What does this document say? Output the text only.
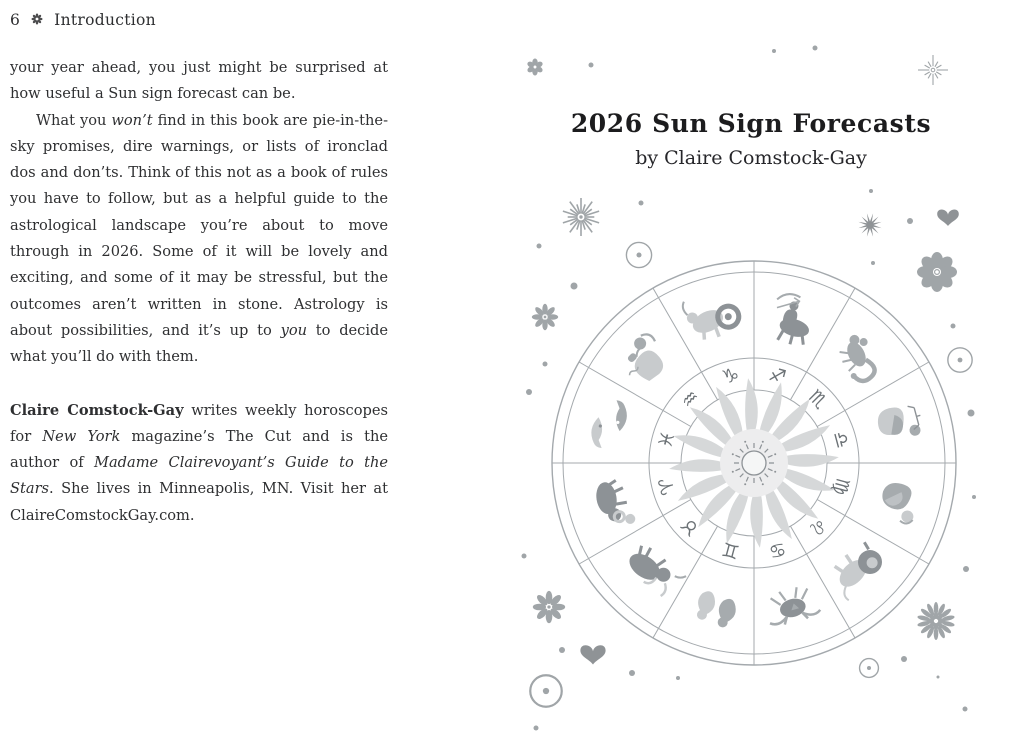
♑ ♐
♏
♎
♍
♌
♋
♊
♉
♈
♓
♒
6 Introduction

your year ahead, you just might be surprised at how useful a Sun sign forecast can be.

What you won’t find in this book are pie-in-the-sky promises, dire warnings, or lists of ironclad dos and don’ts. Think of this not as a book of rules you have to follow, but as a helpful guide to the astrological landscape you’re about to move through in 2026. Some of it will be lovely and exciting, and some of it may be stressful, but the outcomes aren’t written in stone. Astrology is about possibilities, and it’s up to you to decide what you’ll do with them.

Claire Comstock-Gay writes weekly horoscopes for New York magazine’s The Cut and is the author of Madame Clairevoyant’s Guide to the Stars. She lives in Minneapolis, MN. Visit her at ClaireComstockGay.com.
2026 Sun Sign Forecasts
by Claire Comstock-Gay
